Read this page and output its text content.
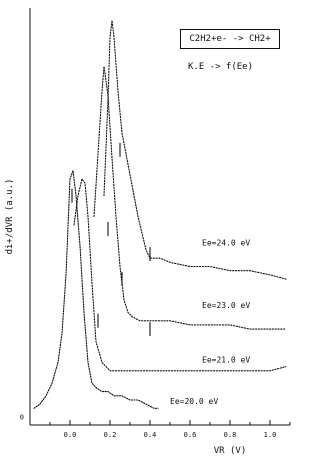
0.0	0.2	0.4	0.6	0.8	1.0
0
Ee=20.0 eV
Ee=21.0 eV
Ee=23.0 eV
Ee=24.0 eV
VR (V)
di+/dVR (a.u.)
C2H2+e- -> CH2+
K.E -> f(Ee)
